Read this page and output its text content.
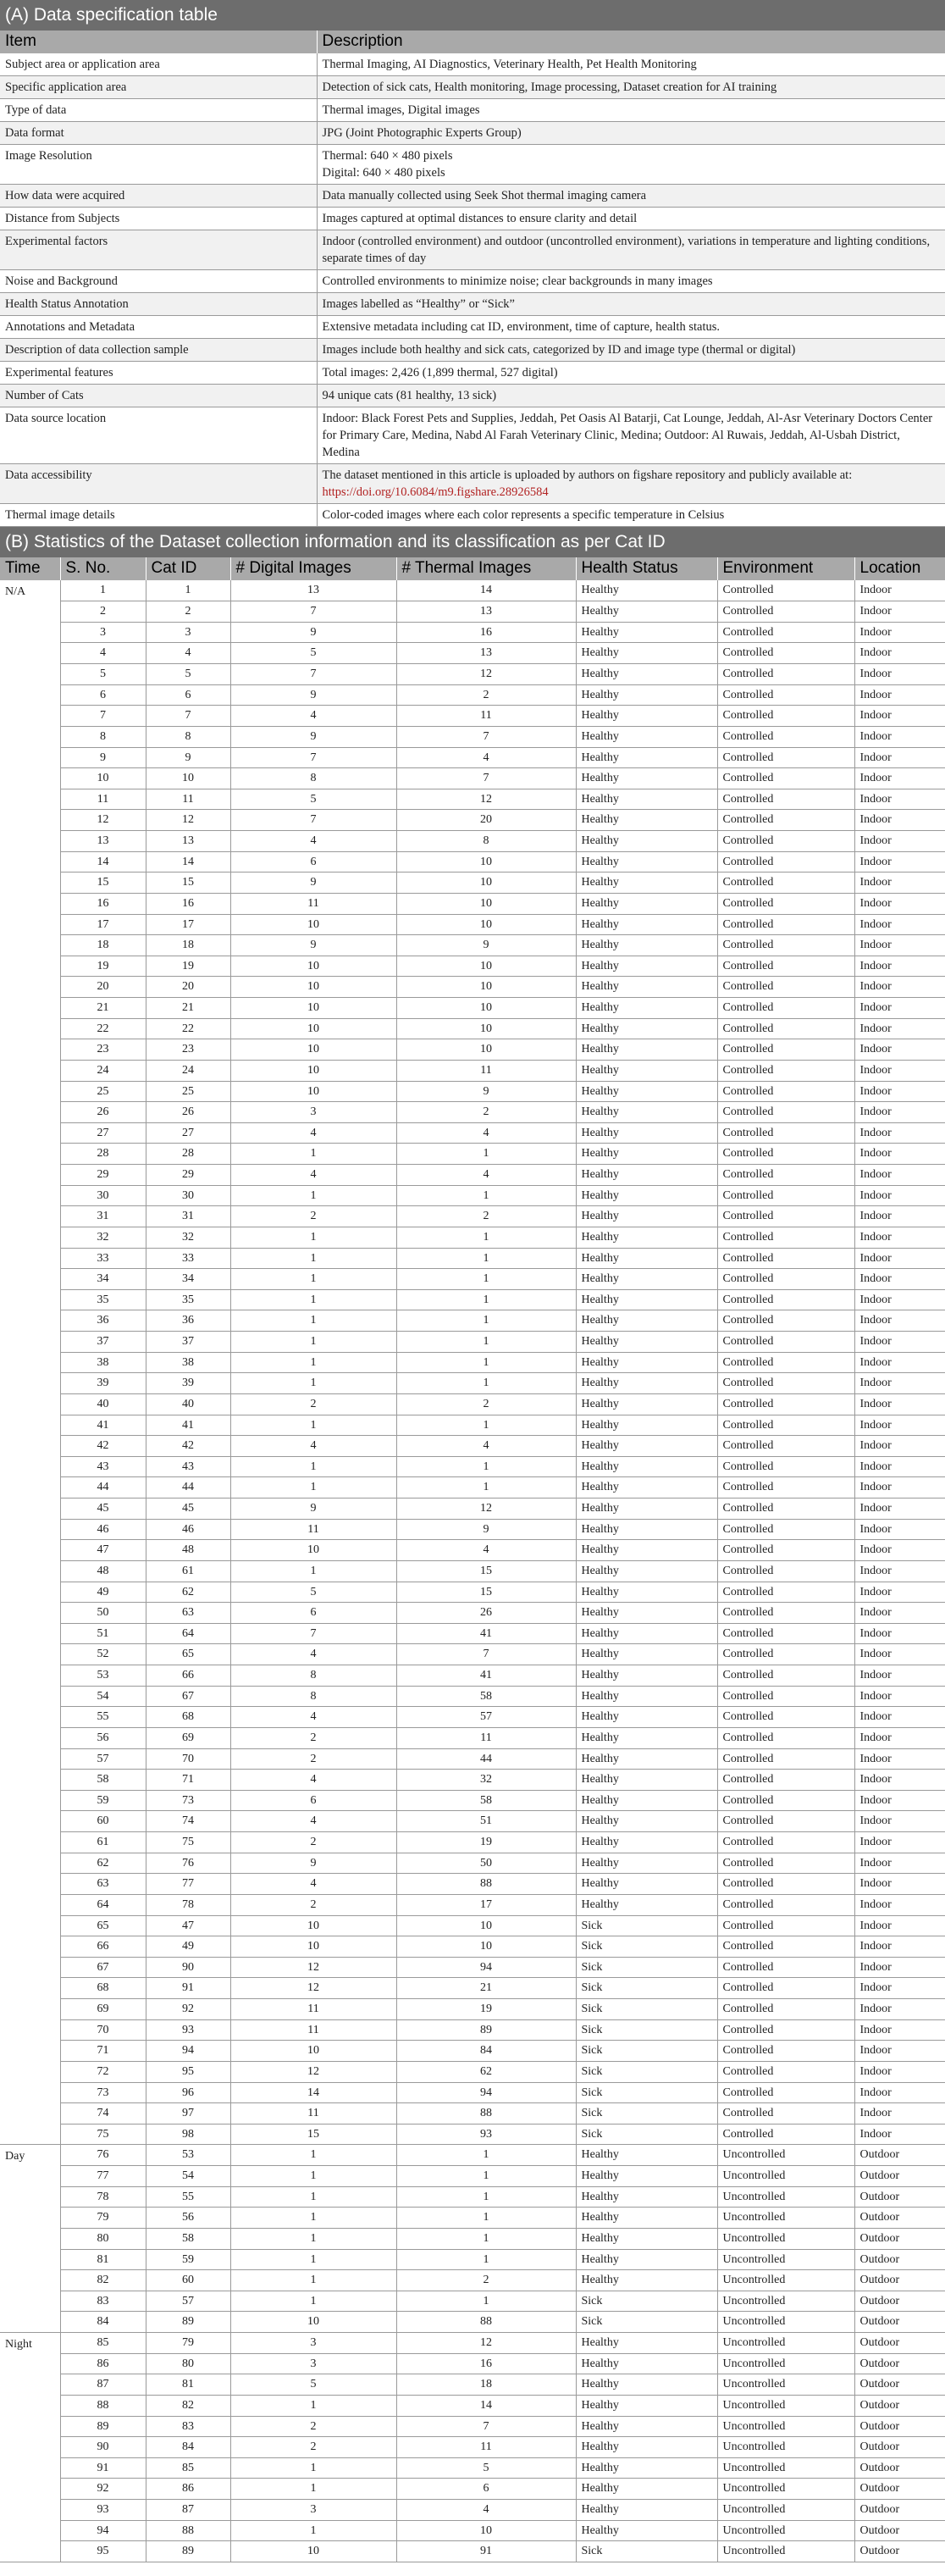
(A) Data specification table
Item	Description
Subject area or application area	Thermal Imaging, AI Diagnostics, Veterinary Health, Pet Health Monitoring

Specific application area	Detection of sick cats, Health monitoring, Image processing, Dataset creation for AI training

Type of data	Thermal images, Digital images

Data format	JPG (Joint Photographic Experts Group)

Image Resolution	Thermal: 640 × 480 pixels
Digital: 640 × 480 pixels

How data were acquired	Data manually collected using Seek Shot thermal imaging camera

Distance from Subjects	Images captured at optimal distances to ensure clarity and detail

Experimental factors	Indoor (controlled environment) and outdoor (uncontrolled environment), variations in temperature and lighting conditions, separate times of day

Noise and Background	Controlled environments to minimize noise; clear backgrounds in many images

Health Status Annotation	Images labelled as “Healthy” or “Sick”

Annotations and Metadata	Extensive metadata including cat ID, environment, time of capture, health status.

Description of data collection sample	Images include both healthy and sick cats, categorized by ID and image type (thermal or digital)

Experimental features	Total images: 2,426 (1,899 thermal, 527 digital)

Number of Cats	94 unique cats (81 healthy, 13 sick)

Data source location	Indoor: Black Forest Pets and Supplies, Jeddah, Pet Oasis Al Batarji, Cat Lounge, Jeddah, Al-Asr Veterinary Doctors Center for Primary Care, Medina, Nabd Al Farah Veterinary Clinic, Medina; Outdoor: Al Ruwais, Jeddah, Al-Usbah District, Medina

Data accessibility	The dataset mentioned in this article is uploaded by authors on figshare repository and publicly available at: https://doi.org/10.6084/m9.figshare.28926584
Thermal image details	Color-coded images where each color represents a specific temperature in Celsius
(B) Statistics of the Dataset collection information and its classification as per Cat ID
Time	S. No.	Cat ID	# Digital Images	# Thermal Images	Health Status	Environment	Location
N/A	1	1	13	14	Healthy	Controlled	Indoor
	2	2	7	13	Healthy	Controlled	Indoor
	3	3	9	16	Healthy	Controlled	Indoor
	4	4	5	13	Healthy	Controlled	Indoor
	5	5	7	12	Healthy	Controlled	Indoor
	6	6	9	2	Healthy	Controlled	Indoor
	7	7	4	11	Healthy	Controlled	Indoor
	8	8	9	7	Healthy	Controlled	Indoor
	9	9	7	4	Healthy	Controlled	Indoor
	10	10	8	7	Healthy	Controlled	Indoor
	11	11	5	12	Healthy	Controlled	Indoor
	12	12	7	20	Healthy	Controlled	Indoor
	13	13	4	8	Healthy	Controlled	Indoor
	14	14	6	10	Healthy	Controlled	Indoor
	15	15	9	10	Healthy	Controlled	Indoor
	16	16	11	10	Healthy	Controlled	Indoor
	17	17	10	10	Healthy	Controlled	Indoor
	18	18	9	9	Healthy	Controlled	Indoor
	19	19	10	10	Healthy	Controlled	Indoor
	20	20	10	10	Healthy	Controlled	Indoor
	21	21	10	10	Healthy	Controlled	Indoor
	22	22	10	10	Healthy	Controlled	Indoor
	23	23	10	10	Healthy	Controlled	Indoor
	24	24	10	11	Healthy	Controlled	Indoor
	25	25	10	9	Healthy	Controlled	Indoor
	26	26	3	2	Healthy	Controlled	Indoor
	27	27	4	4	Healthy	Controlled	Indoor
	28	28	1	1	Healthy	Controlled	Indoor
	29	29	4	4	Healthy	Controlled	Indoor
	30	30	1	1	Healthy	Controlled	Indoor
	31	31	2	2	Healthy	Controlled	Indoor
	32	32	1	1	Healthy	Controlled	Indoor
	33	33	1	1	Healthy	Controlled	Indoor
	34	34	1	1	Healthy	Controlled	Indoor
	35	35	1	1	Healthy	Controlled	Indoor
	36	36	1	1	Healthy	Controlled	Indoor
	37	37	1	1	Healthy	Controlled	Indoor
	38	38	1	1	Healthy	Controlled	Indoor
	39	39	1	1	Healthy	Controlled	Indoor
	40	40	2	2	Healthy	Controlled	Indoor
	41	41	1	1	Healthy	Controlled	Indoor
	42	42	4	4	Healthy	Controlled	Indoor
	43	43	1	1	Healthy	Controlled	Indoor
	44	44	1	1	Healthy	Controlled	Indoor
	45	45	9	12	Healthy	Controlled	Indoor
	46	46	11	9	Healthy	Controlled	Indoor
	47	48	10	4	Healthy	Controlled	Indoor
	48	61	1	15	Healthy	Controlled	Indoor
	49	62	5	15	Healthy	Controlled	Indoor
	50	63	6	26	Healthy	Controlled	Indoor
	51	64	7	41	Healthy	Controlled	Indoor
	52	65	4	7	Healthy	Controlled	Indoor
	53	66	8	41	Healthy	Controlled	Indoor
	54	67	8	58	Healthy	Controlled	Indoor
	55	68	4	57	Healthy	Controlled	Indoor
	56	69	2	11	Healthy	Controlled	Indoor
	57	70	2	44	Healthy	Controlled	Indoor
	58	71	4	32	Healthy	Controlled	Indoor
	59	73	6	58	Healthy	Controlled	Indoor
	60	74	4	51	Healthy	Controlled	Indoor
	61	75	2	19	Healthy	Controlled	Indoor
	62	76	9	50	Healthy	Controlled	Indoor
	63	77	4	88	Healthy	Controlled	Indoor
	64	78	2	17	Healthy	Controlled	Indoor
	65	47	10	10	Sick	Controlled	Indoor
	66	49	10	10	Sick	Controlled	Indoor
	67	90	12	94	Sick	Controlled	Indoor
	68	91	12	21	Sick	Controlled	Indoor
	69	92	11	19	Sick	Controlled	Indoor
	70	93	11	89	Sick	Controlled	Indoor
	71	94	10	84	Sick	Controlled	Indoor
	72	95	12	62	Sick	Controlled	Indoor
	73	96	14	94	Sick	Controlled	Indoor
	74	97	11	88	Sick	Controlled	Indoor
	75	98	15	93	Sick	Controlled	Indoor
Day	76	53	1	1	Healthy	Uncontrolled	Outdoor
	77	54	1	1	Healthy	Uncontrolled	Outdoor
	78	55	1	1	Healthy	Uncontrolled	Outdoor
	79	56	1	1	Healthy	Uncontrolled	Outdoor
	80	58	1	1	Healthy	Uncontrolled	Outdoor
	81	59	1	1	Healthy	Uncontrolled	Outdoor
	82	60	1	2	Healthy	Uncontrolled	Outdoor
	83	57	1	1	Sick	Uncontrolled	Outdoor
	84	89	10	88	Sick	Uncontrolled	Outdoor
Night	85	79	3	12	Healthy	Uncontrolled	Outdoor
	86	80	3	16	Healthy	Uncontrolled	Outdoor
	87	81	5	18	Healthy	Uncontrolled	Outdoor
	88	82	1	14	Healthy	Uncontrolled	Outdoor
	89	83	2	7	Healthy	Uncontrolled	Outdoor
	90	84	2	11	Healthy	Uncontrolled	Outdoor
	91	85	1	5	Healthy	Uncontrolled	Outdoor
	92	86	1	6	Healthy	Uncontrolled	Outdoor
	93	87	3	4	Healthy	Uncontrolled	Outdoor
	94	88	1	10	Healthy	Uncontrolled	Outdoor
	95	89	10	91	Sick	Uncontrolled	Outdoor
